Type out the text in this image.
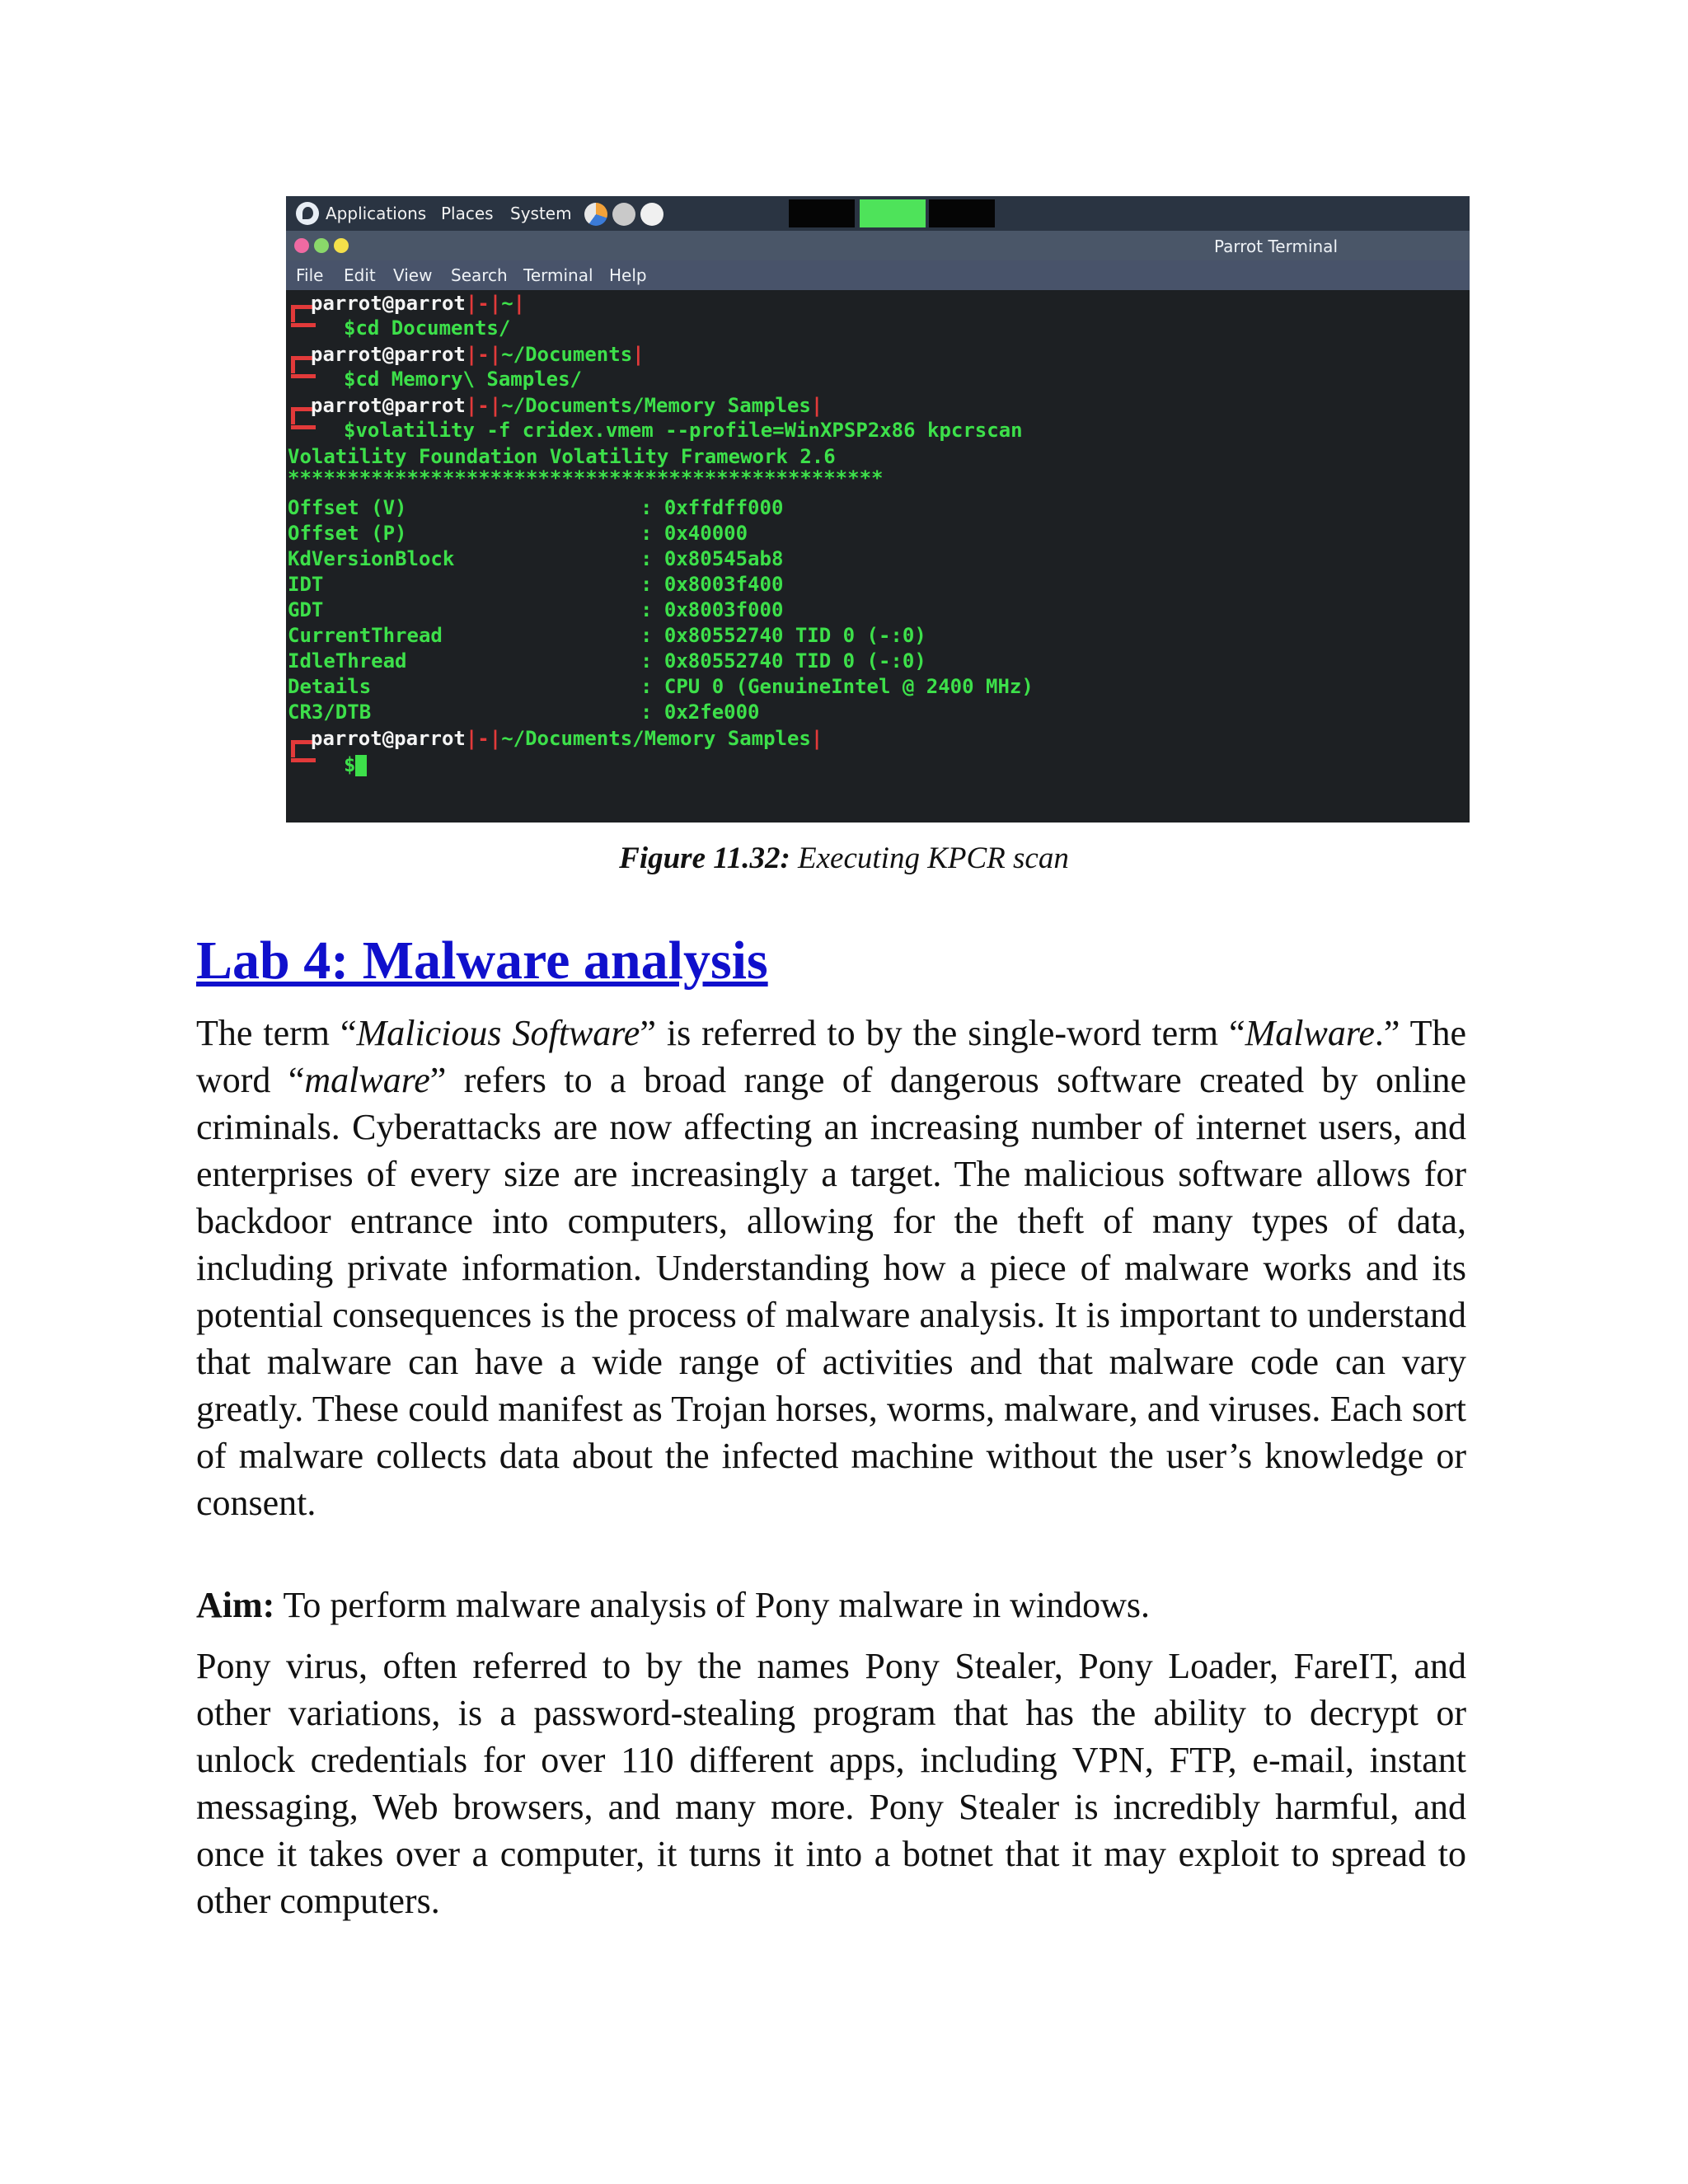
Applications Places System
Parrot Terminal
File Edit View Search Terminal Help
parrot@parrot|-|~|
$cd Documents/
parrot@parrot|-|~/Documents|
$cd Memory\ Samples/
parrot@parrot|-|~/Documents/Memory Samples|
$volatility -f cridex.vmem --profile=WinXPSP2x86 kpcrscan
Volatility Foundation Volatility Framework 2.6
**************************************************
Offset (V)	: 0xffdff000
Offset (P)	: 0x40000
KdVersionBlock	: 0x80545ab8
IDT	: 0x8003f400
GDT	: 0x8003f000
CurrentThread	: 0x80552740 TID 0 (-:0)
IdleThread	: 0x80552740 TID 0 (-:0)
Details	: CPU 0 (GenuineIntel @ 2400 MHz)
CR3/DTB	: 0x2fe000
parrot@parrot|-|~/Documents/Memory Samples|
$
Figure 11.32: Executing KPCR scan
Lab 4: Malware analysis

The term “Malicious Software” is referred to by the single-word term “Malware.” The word “malware” refers to a broad range of dangerous software created by online criminals. Cyberattacks are now affecting an increasing number of internet users, and enterprises of every size are increasingly a target. The malicious software allows for backdoor entrance into computers, allowing for the theft of many types of data, including private information. Understanding how a piece of malware works and its potential consequences is the process of malware analysis. It is important to understand that malware can have a wide range of activities and that malware code can vary greatly. These could manifest as Trojan horses, worms, malware, and viruses. Each sort of malware collects data about the infected machine without the user’s knowledge or consent.

Aim: To perform malware analysis of Pony malware in windows.

Pony virus, often referred to by the names Pony Stealer, Pony Loader, FareIT, and other variations, is a password-stealing program that has the ability to decrypt or unlock credentials for over 110 different apps, including VPN, FTP, e-mail, instant messaging, Web browsers, and many more. Pony Stealer is incredibly harmful, and once it takes over a computer, it turns it into a botnet that it may exploit to spread to other computers.
